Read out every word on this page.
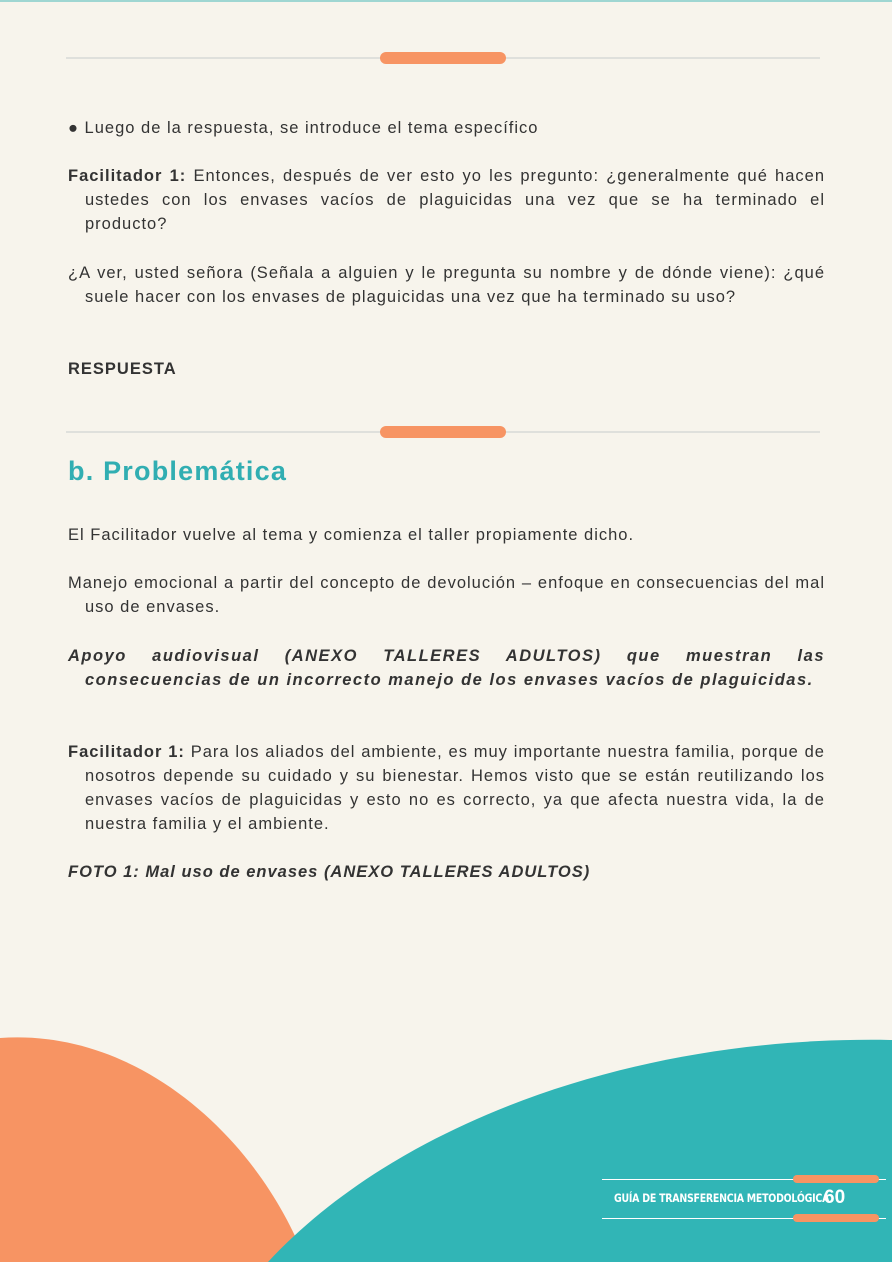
● Luego de la respuesta, se introduce el tema específico

Facilitador 1: Entonces, después de ver esto yo les pregunto: ¿generalmente qué hacen ustedes con los envases vacíos de plaguicidas una vez que se ha terminado el producto?

¿A ver, usted señora (Señala a alguien y le pregunta su nombre y de dónde viene): ¿qué suele hacer con los envases de plaguicidas una vez que ha terminado su uso?

RESPUESTA

b. Problemática

El Facilitador vuelve al tema y comienza el taller propiamente dicho.

Manejo emocional a partir del concepto de devolución – enfoque en consecuencias del mal uso de envases.

Apoyo audiovisual (ANEXO TALLERES ADULTOS) que muestran las consecuencias de un incorrecto manejo de los envases vacíos de plaguicidas.

Facilitador 1: Para los aliados del ambiente, es muy importante nuestra familia, porque de nosotros depende su cuidado y su bienestar. Hemos visto que se están reutilizando los envases vacíos de plaguicidas y esto no es correcto, ya que afecta nuestra vida, la de nuestra familia y el ambiente.

FOTO 1: Mal uso de envases (ANEXO TALLERES ADULTOS)

GUÍA DE TRANSFERENCIA METODOLÓGICA
60
